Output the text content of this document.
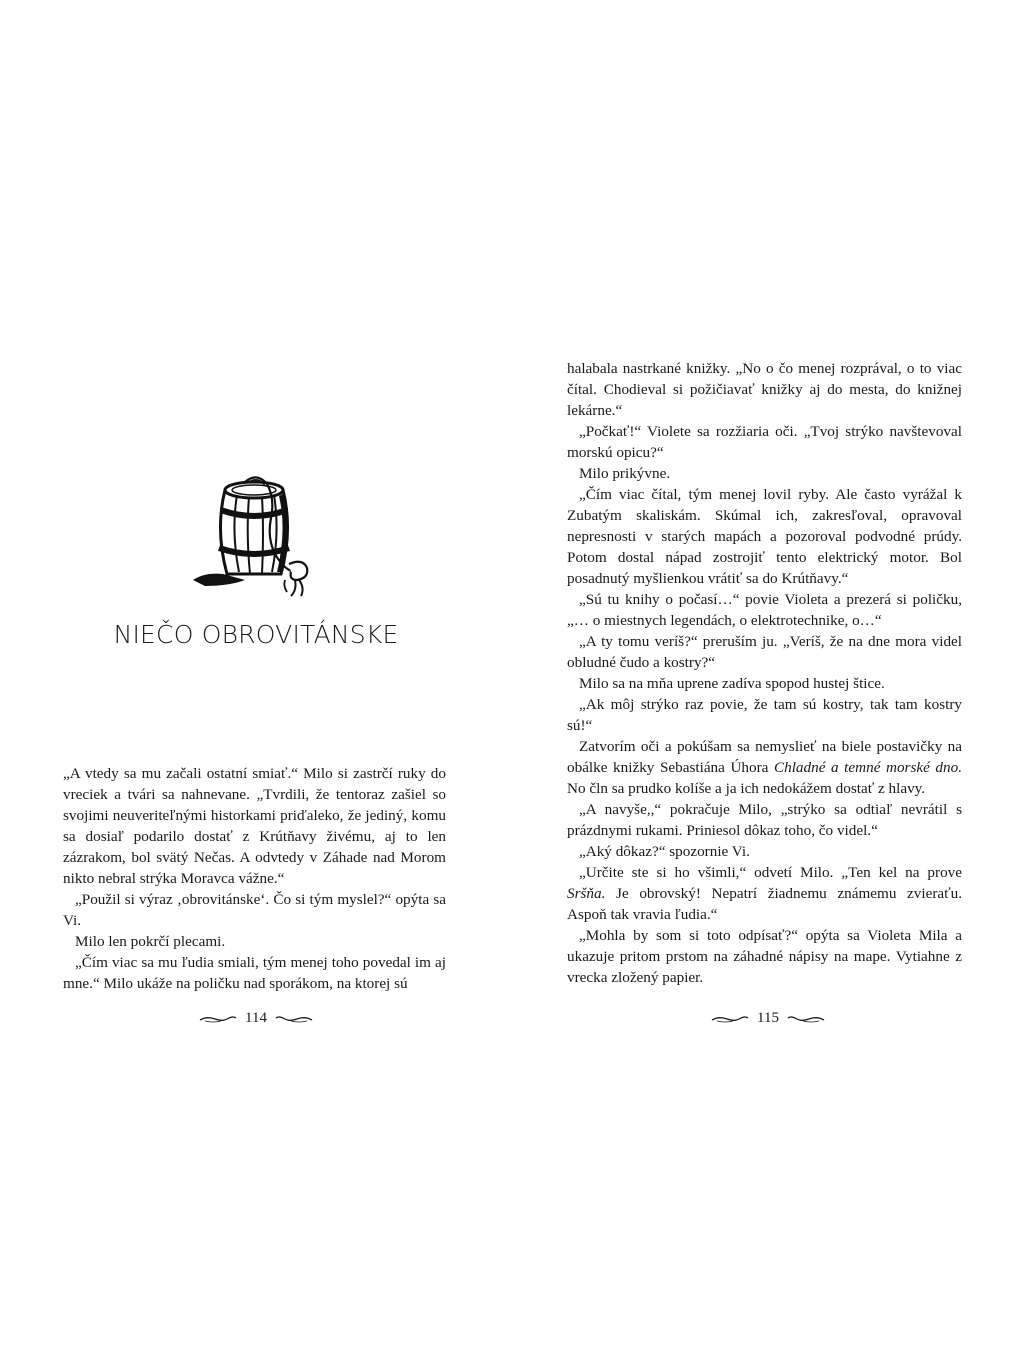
NIEČO OBROVITÁNSKE

„A vtedy sa mu začali ostatní smiať.“ Milo si zastrčí ruky do vreciek a tvári sa nahnevane. „Tvrdili, že tentoraz zašiel so svojimi neuveriteľnými historkami priďaleko, že jediný, komu sa dosiaľ podarilo dostať z Krútňavy živému, aj to len zázrakom, bol svätý Nečas. A odvtedy v Záhade nad Morom nikto nebral strýka Moravca vážne.“

„Použil si výraz ‚obrovitánske‘. Čo si tým myslel?“ opýta sa Vi.

Milo len pokrčí plecami.

„Čím viac sa mu ľudia smiali, tým menej toho povedal im aj mne.“ Milo ukáže na poličku nad sporákom, na ktorej sú

114	115

halabala nastrkané knižky. „No o čo menej rozprával, o to viac čítal. Chodieval si požičiavať knižky aj do mesta, do knižnej lekárne.“

„Počkať!“ Violete sa rozžiaria oči. „Tvoj strýko navštevoval morskú opicu?“

Milo prikývne.

„Čím viac čítal, tým menej lovil ryby. Ale často vyrážal k Zubatým skaliskám. Skúmal ich, zakresľoval, opravoval nepresnosti v starých mapách a pozoroval podvodné prúdy. Potom dostal nápad zostrojiť tento elektrický motor. Bol posadnutý myšlienkou vrátiť sa do Krútňavy.“

„Sú tu knihy o počasí…“ povie Violeta a prezerá si poličku, „… o miestnych legendách, o elektrotechnike, o…“

„A ty tomu veríš?“ preruším ju. „Veríš, že na dne mora videl obludné čudo a kostry?“

Milo sa na mňa uprene zadíva spopod hustej štice.

„Ak môj strýko raz povie, že tam sú kostry, tak tam kostry sú!“

Zatvorím oči a pokúšam sa nemyslieť na biele postavičky na obálke knižky Sebastiána Úhora Chladné a temné morské dno. No čln sa prudko kolíše a ja ich nedokážem dostať z hlavy.

„A navyše,,“ pokračuje Milo, „strýko sa odtiaľ nevrátil s prázdnymi rukami. Priniesol dôkaz toho, čo videl.“

„Aký dôkaz?“ spozornie Vi.

„Určite ste si ho všimli,“ odvetí Milo. „Ten kel na prove Sršňa. Je obrovský! Nepatrí žiadnemu známemu zvieraťu. Aspoň tak vravia ľudia.“

„Mohla by som si toto odpísať?“ opýta sa Violeta Mila a ukazuje pritom prstom na záhadné nápisy na mape. Vytiahne z vrecka zložený papier.
